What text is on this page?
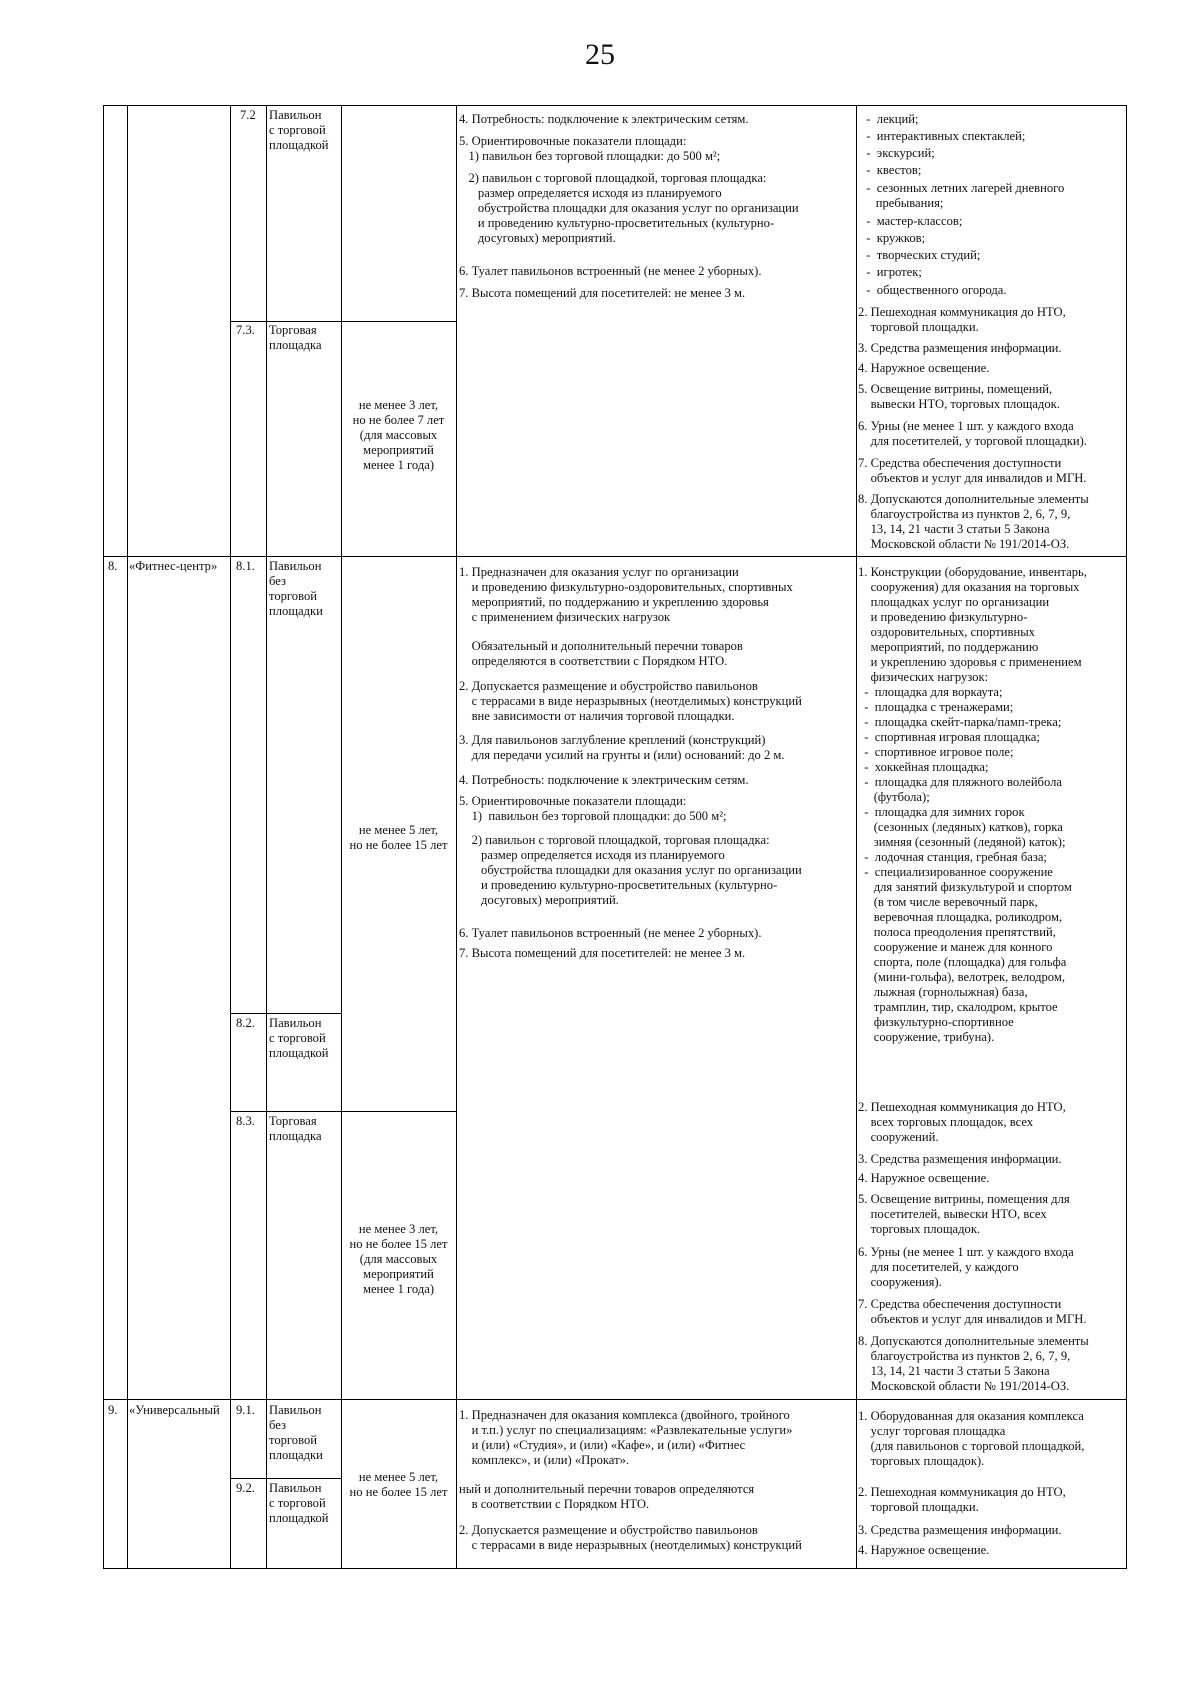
25
7.2 Павильон
с торговой
площадкой
7.3. Торговая
площадка
не менее 3 лет,
но не более 7 лет
(для массовых
мероприятий
менее 1 года)
4. Потребность: подключение к электрическим сетям.
5. Ориентировочные показатели площади:
1) павильон без торговой площадки: до 500 м²;
2) павильон с торговой площадкой, торговая площадка:
размер определяется исходя из планируемого
обустройства площадки для оказания услуг по организации
и проведению культурно-просветительных (культурно-
досуговых) мероприятий.
6. Туалет павильонов встроенный (не менее 2 уборных).
7. Высота помещений для посетителей: не менее 3 м.
-  лекций;
-  интерактивных спектаклей;
-  экскурсий;
-  квестов;
-  сезонных летних лагерей дневного
пребывания;
-  мастер-классов;
-  кружков;
-  творческих студий;
-  игротек;
-  общественного огорода.
2. Пешеходная коммуникация до НТО,
торговой площадки.
3. Средства размещения информации.
4. Наружное освещение.
5. Освещение витрины, помещений,
вывески НТО, торговых площадок.
6. Урны (не менее 1 шт. у каждого входа
для посетителей, у торговой площадки).
7. Средства обеспечения доступности
объектов и услуг для инвалидов и МГН.
8. Допускаются дополнительные элементы
благоустройства из пунктов 2, 6, 7, 9,
13, 14, 21 части 3 статьи 5 Закона
Московской области № 191/2014-ОЗ.
8. «Фитнес-центр» 8.1. Павильон
без
торговой
площадки
8.2. Павильон
с торговой
площадкой
8.3. Торговая
площадка
не менее 5 лет,
но не более 15 лет
не менее 3 лет,
но не более 15 лет
(для массовых
мероприятий
менее 1 года)
1. Предназначен для оказания услуг по организации
и проведению физкультурно-оздоровительных, спортивных
мероприятий, по поддержанию и укреплению здоровья
с применением физических нагрузок
Обязательный и дополнительный перечни товаров
определяются в соответствии с Порядком НТО.
2. Допускается размещение и обустройство павильонов
с террасами в виде неразрывных (неотделимых) конструкций
вне зависимости от наличия торговой площадки.
3. Для павильонов заглубление креплений (конструкций)
для передачи усилий на грунты и (или) оснований: до 2 м.
4. Потребность: подключение к электрическим сетям.
5. Ориентировочные показатели площади:
1)  павильон без торговой площадки: до 500 м²;
2) павильон с торговой площадкой, торговая площадка:
размер определяется исходя из планируемого
обустройства площадки для оказания услуг по организации
и проведению культурно-просветительных (культурно-
досуговых) мероприятий.
6. Туалет павильонов встроенный (не менее 2 уборных).
7. Высота помещений для посетителей: не менее 3 м.
1. Конструкции (оборудование, инвентарь,
сооружения) для оказания на торговых
площадках услуг по организации
и проведению физкультурно-
оздоровительных, спортивных
мероприятий, по поддержанию
и укреплению здоровья с применением
физических нагрузок:
-  площадка для воркаута;
-  площадка с тренажерами;
-  площадка скейт-парка/памп-трека;
-  спортивная игровая площадка;
-  спортивное игровое поле;
-  хоккейная площадка;
-  площадка для пляжного волейбола
(футбола);
-  площадка для зимних горок
(сезонных (ледяных) катков), горка
зимняя (сезонный (ледяной) каток);
-  лодочная станция, гребная база;
-  специализированное сооружение
для занятий физкультурой и спортом
(в том числе веревочный парк,
веревочная площадка, роликодром,
полоса преодоления препятствий,
сооружение и манеж для конного
спорта, поле (площадка) для гольфа
(мини-гольфа), велотрек, велодром,
лыжная (горнолыжная) база,
трамплин, тир, скалодром, крытое
физкультурно-спортивное
сооружение, трибуна).
2. Пешеходная коммуникация до НТО,
всех торговых площадок, всех
сооружений.
3. Средства размещения информации.
4. Наружное освещение.
5. Освещение витрины, помещения для
посетителей, вывески НТО, всех
торговых площадок.
6. Урны (не менее 1 шт. у каждого входа
для посетителей, у каждого
сооружения).
7. Средства обеспечения доступности
объектов и услуг для инвалидов и МГН.
8. Допускаются дополнительные элементы
благоустройства из пунктов 2, 6, 7, 9,
13, 14, 21 части 3 статьи 5 Закона
Московской области № 191/2014-ОЗ.
9. «Универсальный 9.1. Павильон
без
торговой
площадки
9.2. Павильон
с торговой
площадкой
не менее 5 лет,
но не более 15 лет
1. Предназначен для оказания комплекса (двойного, тройного
и т.п.) услуг по специализациям: «Развлекательные услуги»
и (или) «Студия», и (или) «Кафе», и (или) «Фитнес
комплекс», и (или) «Прокат».
ный и дополнительный перечни товаров определяются
в соответствии с Порядком НТО.
2. Допускается размещение и обустройство павильонов
с террасами в виде неразрывных (неотделимых) конструкций
1. Оборудованная для оказания комплекса
услуг торговая площадка
(для павильонов с торговой площадкой,
торговых площадок).
2. Пешеходная коммуникация до НТО,
торговой площадки.
3. Средства размещения информации.
4. Наружное освещение.
